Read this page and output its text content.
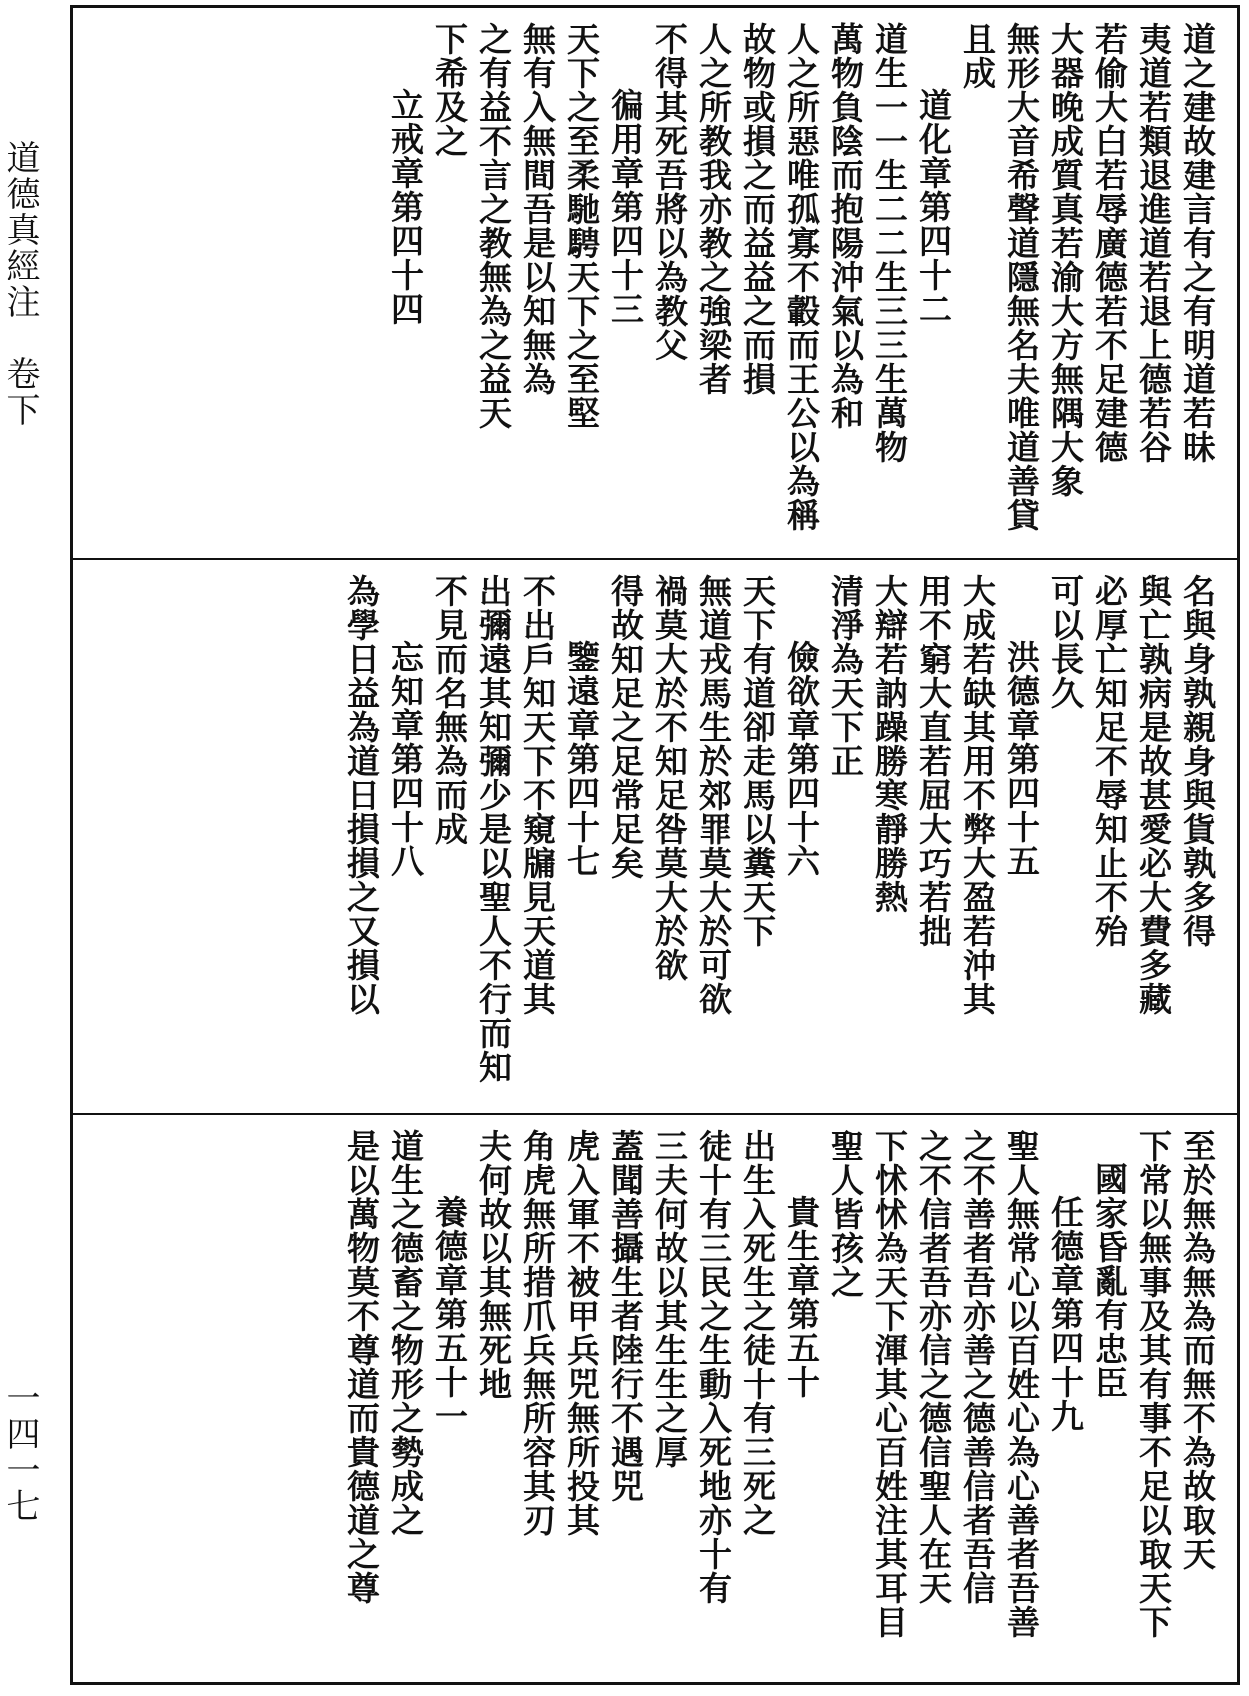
道德真經注　卷下
一四一七
道之建故建言有之有明道若昧
夷道若類退進道若退上德若谷
若偷大白若辱廣德若不足建德
大器晚成質真若渝大方無隅大象
無形大音希聲道隱無名夫唯道善貸
且成
道化章第四十二
道生一一生二二生三三生萬物
萬物負陰而抱陽沖氣以為和
人之所惡唯孤寡不轂而王公以為稱
故物或損之而益益之而損
人之所教我亦教之強梁者
不得其死吾將以為教父
徧用章第四十三
天下之至柔馳騁天下之至堅
無有入無間吾是以知無為
之有益不言之教無為之益天
下希及之
立戒章第四十四
名與身孰親身與貨孰多得
與亡孰病是故甚愛必大費多藏
必厚亡知足不辱知止不殆
可以長久
洪德章第四十五
大成若缺其用不弊大盈若沖其
用不窮大直若屈大巧若拙
大辯若訥躁勝寒靜勝熱
清淨為天下正
儉欲章第四十六
天下有道卻走馬以糞天下
無道戎馬生於郊罪莫大於可欲
禍莫大於不知足咎莫大於欲
得故知足之足常足矣
鑒遠章第四十七
不出戶知天下不窺牖見天道其
出彌遠其知彌少是以聖人不行而知
不見而名無為而成
忘知章第四十八
為學日益為道日損損之又損以
至於無為無為而無不為故取天
下常以無事及其有事不足以取天下
國家昏亂有忠臣
任德章第四十九
聖人無常心以百姓心為心善者吾善
之不善者吾亦善之德善信者吾信
之不信者吾亦信之德信聖人在天
下怵怵為天下渾其心百姓注其耳目
聖人皆孩之
貴生章第五十
出生入死生之徒十有三死之
徒十有三民之生動入死地亦十有
三夫何故以其生生之厚
蓋聞善攝生者陸行不遇兕
虎入軍不被甲兵兕無所投其
角虎無所措爪兵無所容其刃
夫何故以其無死地
養德章第五十一
道生之德畜之物形之勢成之
是以萬物莫不尊道而貴德道之尊
